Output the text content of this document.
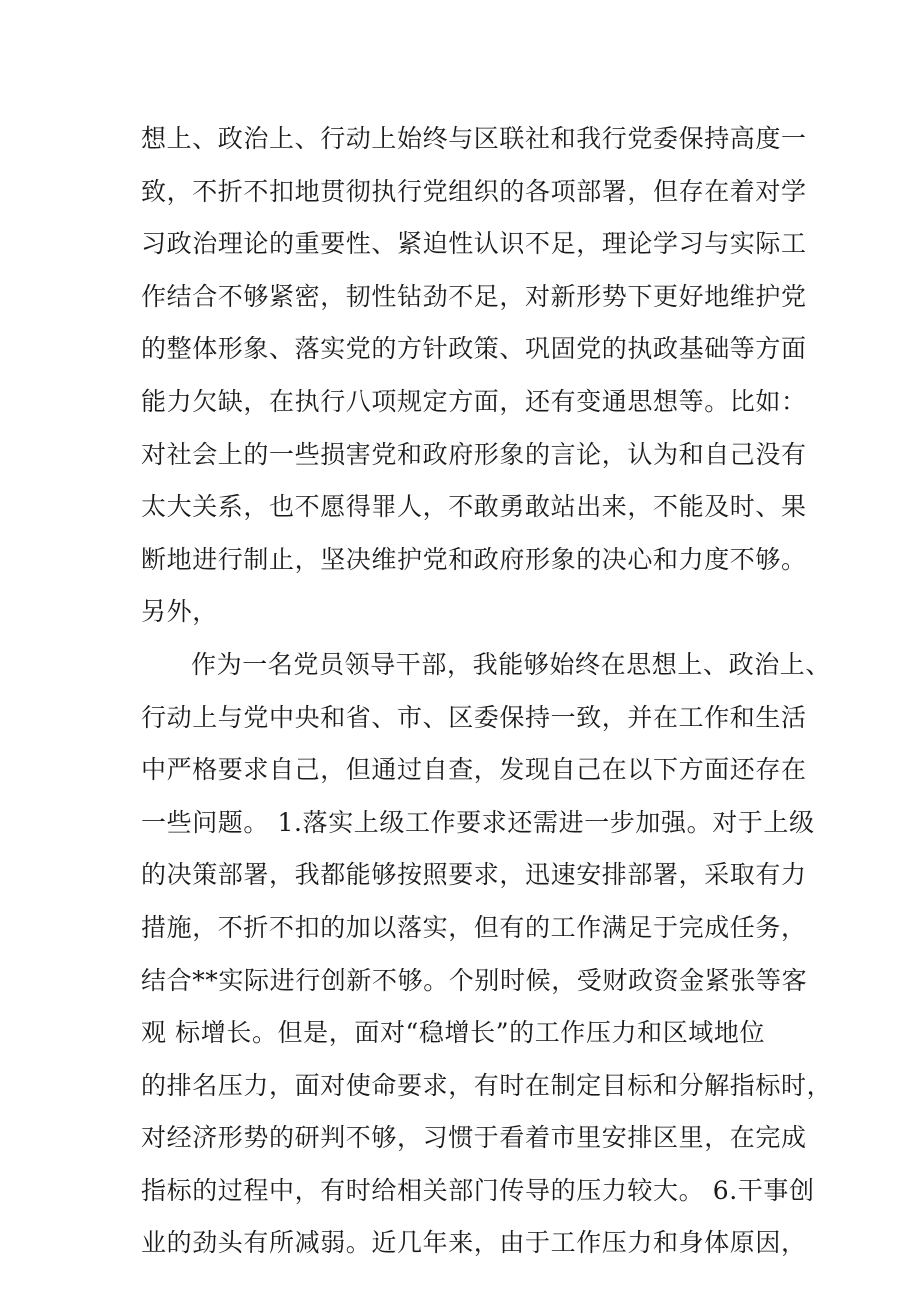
想上、政治上、行动上始终与区联社和我行党委保持高度一
致，不折不扣地贯彻执行党组织的各项部署，但存在着对学
习政治理论的重要性、紧迫性认识不足，理论学习与实际工
作结合不够紧密，韧性钻劲不足，对新形势下更好地维护党
的整体形象、落实党的方针政策、巩固党的执政基础等方面
能力欠缺，在执行八项规定方面，还有变通思想等。比如：
对社会上的一些损害党和政府形象的言论，认为和自己没有
太大关系，也不愿得罪人，不敢勇敢站出来，不能及时、果
断地进行制止，坚决维护党和政府形象的决心和力度不够。
另外，
作为一名党员领导干部，我能够始终在思想上、政治上、
行动上与党中央和省、市、区委保持一致，并在工作和生活
中严格要求自己，但通过自查，发现自己在以下方面还存在
一些问题。 1.落实上级工作要求还需进一步加强。对于上级
的决策部署，我都能够按照要求，迅速安排部署，采取有力
措施，不折不扣的加以落实，但有的工作满足于完成任务，
结合**实际进行创新不够。个别时候，受财政资金紧张等客
观 标增长。但是，面对“稳增长”的工作压力和区域地位
的排名压力，面对使命要求，有时在制定目标和分解指标时，
对经济形势的研判不够，习惯于看着市里安排区里，在完成
指标的过程中，有时给相关部门传导的压力较大。 6.干事创
业的劲头有所减弱。近几年来，由于工作压力和身体原因，
